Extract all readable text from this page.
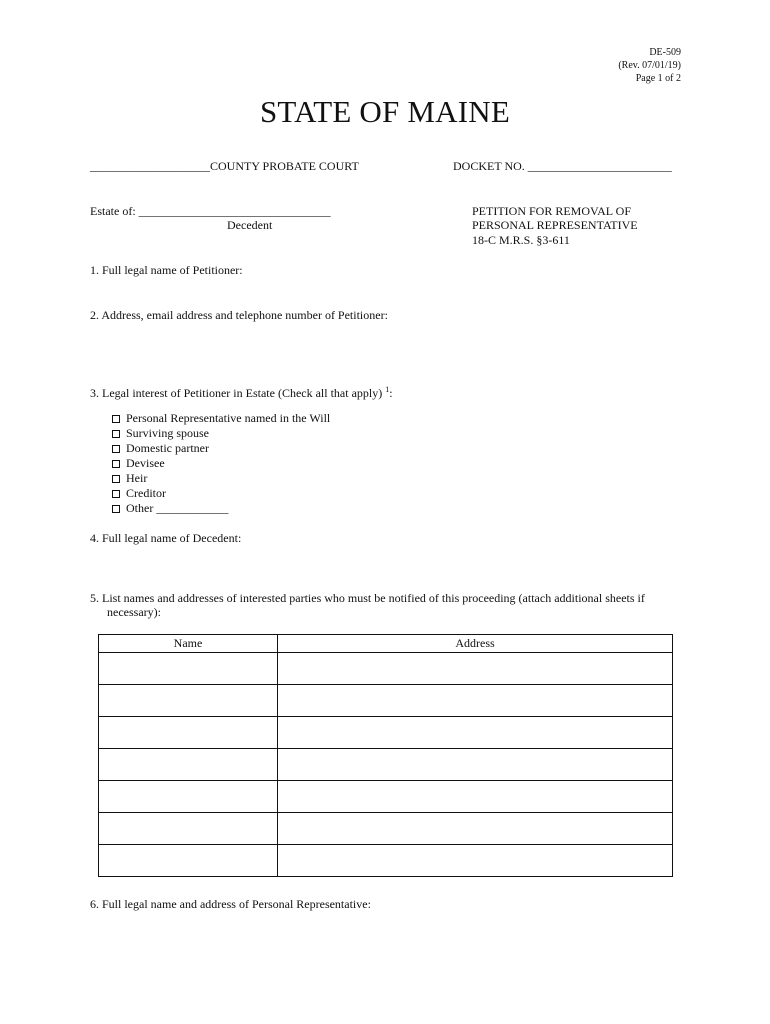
DE-509
(Rev. 07/01/19)
Page 1 of 2
STATE OF MAINE
____________________COUNTY PROBATE COURT	DOCKET NO. ________________________
Estate of: ________________________________
Decedent
PETITION FOR REMOVAL OF
PERSONAL REPRESENTATIVE
18-C M.R.S. §3-611
1. Full legal name of Petitioner:
2. Address, email address and telephone number of Petitioner:
3. Legal interest of Petitioner in Estate (Check all that apply) $^1$:
Personal Representative named in the Will
Surviving spouse
Domestic partner
Devisee
Heir
Creditor
Other ____________
4. Full legal name of Decedent:
5. List names and addresses of interested parties who must be notified of this proceeding (attach additional sheets if
necessary):
Name	Address

6. Full legal name and address of Personal Representative:
